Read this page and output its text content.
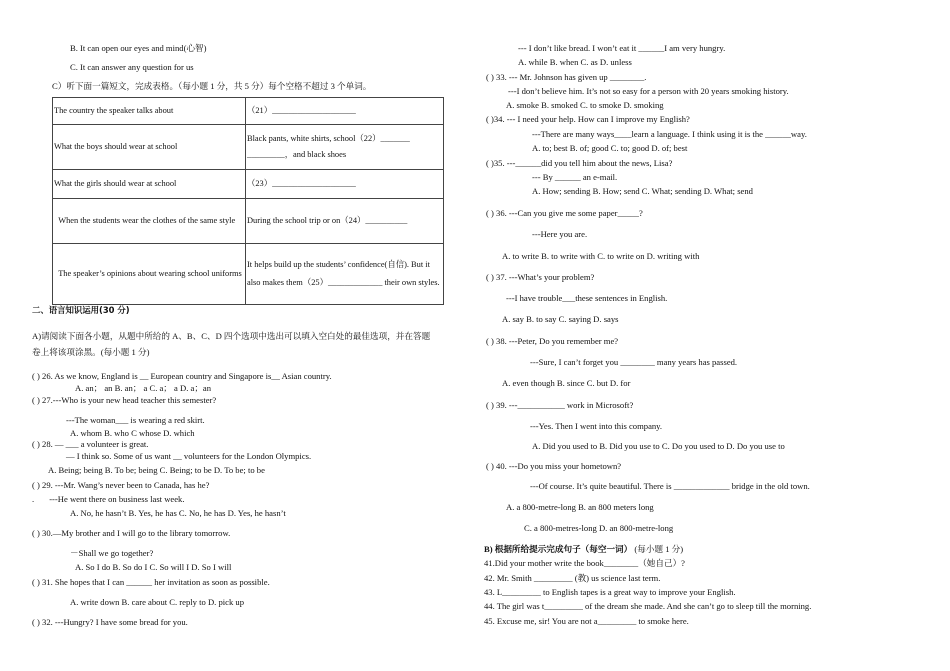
B. It can open our eyes and mind(心智)
C. It can answer any question for us
C）听下面一篇短文，完成表格。（每小题 1 分，共 5 分）每个空格不超过 3 个单词。
The country the speaker talks about	（21）____________________
What the boys should wear at school	Black pants, white shirts, school（22）_______ _________，and black shoes
What the girls should wear at school	（23）____________________
When the students wear the clothes of the same style	During the school trip or on（24）__________
The speaker’s opinions about wearing school uniforms	It helps build up the students’ confidence(自信). But it also makes them（25）_____________ their own styles.
二、语言知识运用(30 分)
A)请阅读下面各小题，从题中所给的 A、B、C、D 四个选项中选出可以填入空白处的最佳选项，并在答题
卷上将该项涂黑。(每小题 1 分)
( ) 26. As we know, England is __ European country and Singapore is__ Asian country.
A. an； an B. an； a C. a； a D. a；an
( ) 27.---Who is your new head teacher this semester?
---The woman___ is wearing a red skirt.
A. whom B. who C whose D. which
( ) 28. — ___ a volunteer is great.
— I think so. Some of us want __ volunteers for the London Olympics.
A. Being; being B. To be; being C. Being; to be D. To be; to be
( ) 29. ---Mr. Wang’s never been to Canada, has he?
.       ---He went there on business last week.
A. No, he hasn’t B. Yes, he has C. No, he has D. Yes, he hasn’t
( ) 30.—My brother and I will go to the library tomorrow.
－Shall we go together?
A. So I do B. So do I C. So will I D. So I will
( ) 31. She hopes that I can ______ her invitation as soon as possible.
A. write down B. care about C. reply to D. pick up
( ) 32. ---Hungry? I have some bread for you.
--- I don’t like bread. I won’t eat it ______I am very hungry.
A. while B. when C. as D. unless
( ) 33. --- Mr. Johnson has given up ________.
---I don’t believe him. It’s not so easy for a person with 20 years smoking history.
A. smoke B. smoked C. to smoke D. smoking
( )34. --- I need your help. How can I improve my English?
---There are many ways____learn a language. I think using it is the ______way.
A. to; best B. of; good C. to; good D. of; best
( )35. ---______did you tell him about the news, Lisa?
--- By ______ an e-mail.
A. How; sending B. How; send C. What; sending D. What; send
( ) 36. ---Can you give me some paper_____?
---Here you are.
A. to write B. to write with C. to write on D. writing with
( ) 37. ---What’s your problem?
---I have trouble___these sentences in English.
A. say B. to say C. saying D. says
( ) 38. ---Peter, Do you remember me?
---Sure, I can’t forget you ________ many years has passed.
A. even though B. since C. but D. for
( ) 39. ---___________ work in Microsoft?
---Yes. Then I went into this company.
A. Did you used to B. Did you use to C. Do you used to D. Do you use to
( ) 40. ---Do you miss your hometown?
---Of course. It’s quite beautiful. There is _____________ bridge in the old town.
A. a 800-metre-long B. an 800 meters long
C. a 800-metres-long D. an 800-metre-long
B) 根据所给提示完成句子（每空一词） (每小题 1 分)
41.Did your mother write the book________（她自己）?
42. Mr. Smith _________ (教) us science last term.
43. L_________ to English tapes is a great way to improve your English.
44. The girl was t_________ of the dream she made. And she can’t go to sleep till the morning.
45. Excuse me, sir! You are not a_________ to smoke here.
